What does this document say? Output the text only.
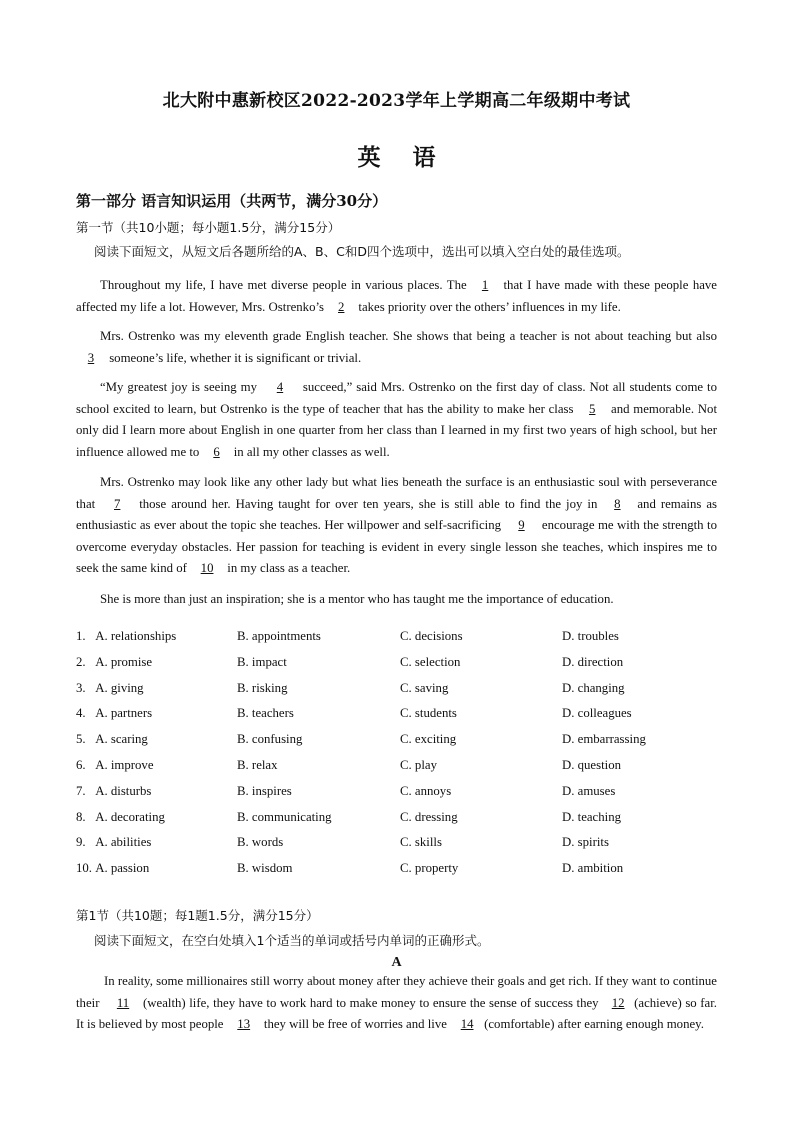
北大附中惠新校区2022-2023学年上学期高二年级期中考试
英语
第一部分 语言知识运用（共两节，满分30分）
第一节（共10小题；每小题1.5分，满分15分）
阅读下面短文，从短文后各题所给的A、B、C和D四个选项中，选出可以填入空白处的最佳选项。
Throughout my life, I have met diverse people in various places. The 1 that I have made with these people have affected my life a lot. However, Mrs. Ostrenko’s 2 takes priority over the others’ influences in my life.
Mrs. Ostrenko was my eleventh grade English teacher. She shows that being a teacher is not about teaching but also 3 someone’s life, whether it is significant or trivial.
“My greatest joy is seeing my 4 succeed,” said Mrs. Ostrenko on the first day of class. Not all students come to school excited to learn, but Ostrenko is the type of teacher that has the ability to make her class 5 and memorable. Not only did I learn more about English in one quarter from her class than I learned in my first two years of high school, but her influence allowed me to 6 in all my other classes as well.
Mrs. Ostrenko may look like any other lady but what lies beneath the surface is an enthusiastic soul with perseverance that 7 those around her. Having taught for over ten years, she is still able to find the joy in 8 and remains as enthusiastic as ever about the topic she teaches. Her willpower and self-sacrificing 9 encourage me with the strength to overcome everyday obstacles. Her passion for teaching is evident in every single lesson she teaches, which inspires me to seek the same kind of 10 in my class as a teacher.
She is more than just an inspiration; she is a mentor who has taught me the importance of education.
1. A. relationships	B. appointments	C. decisions	D. troubles
2. A. promise	B. impact	C. selection	D. direction
3. A. giving	B. risking	C. saving	D. changing
4. A. partners	B. teachers	C. students	D. colleagues
5. A. scaring	B. confusing	C. exciting	D. embarrassing
6. A. improve	B. relax	C. play	D. question
7. A. disturbs	B. inspires	C. annoys	D. amuses
8. A. decorating	B. communicating	C. dressing	D. teaching
9. A. abilities	B. words	C. skills	D. spirits
10. A. passion	B. wisdom	C. property	D. ambition
第1节（共10题；每1题1.5分，满分15分）
阅读下面短文，在空白处填入1个适当的单词或括号内单词的正确形式。
A
In reality, some millionaires still worry about money after they achieve their goals and get rich. If they want to continue their 11 (wealth) life, they have to work hard to make money to ensure the sense of success they 12 (achieve) so far. It is believed by most people 13 they will be free of worries and live 14 (comfortable) after earning enough money.
